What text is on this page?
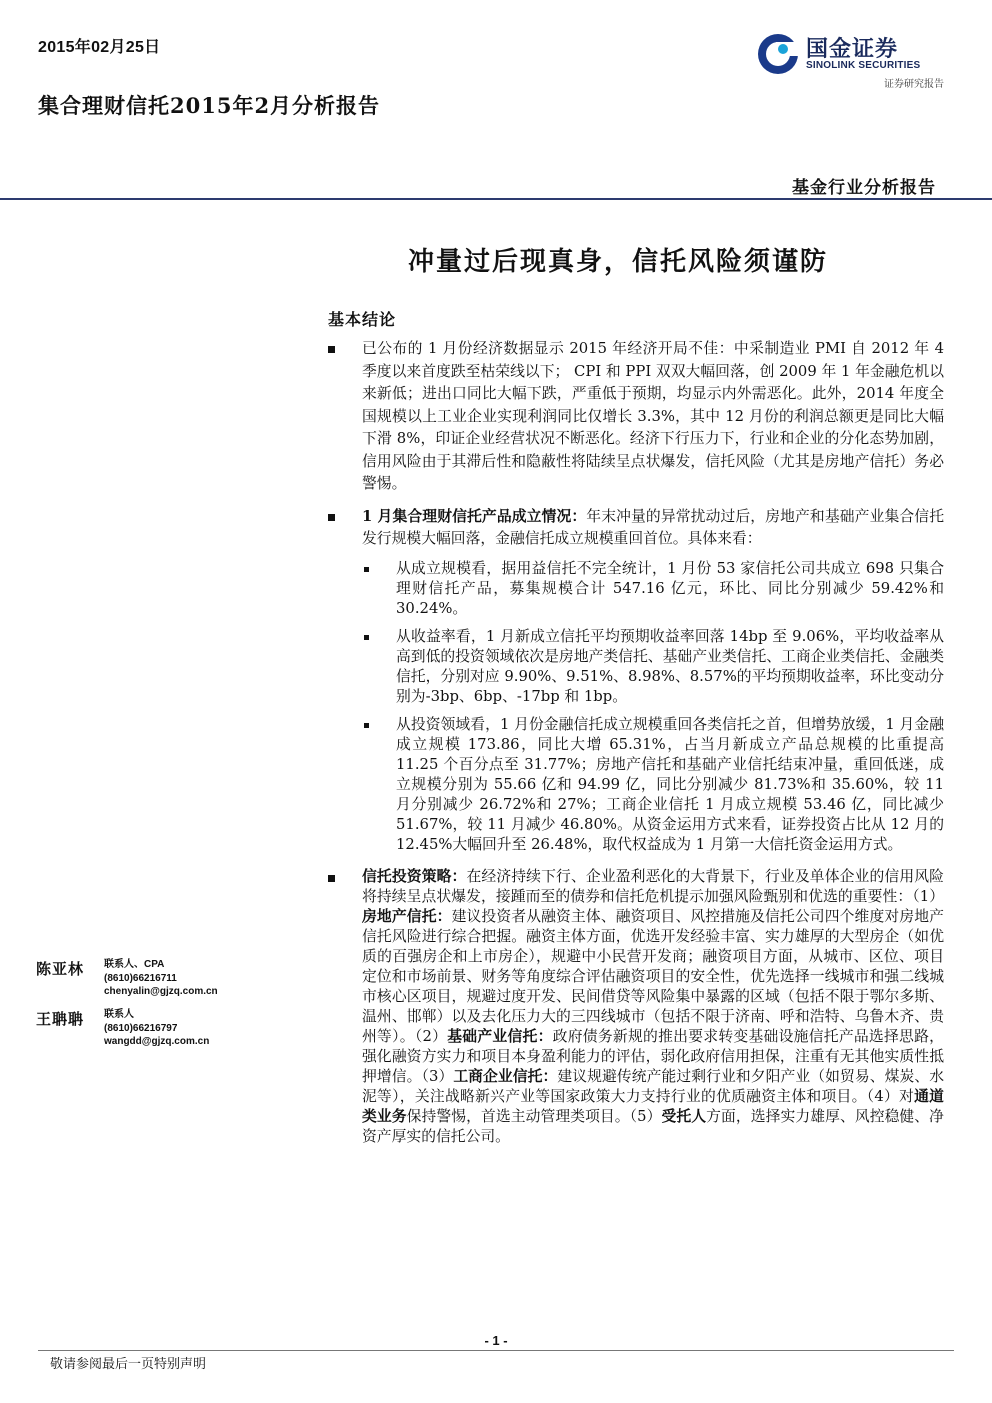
2015年02月25日
集合理财信托2015年2月分析报告
国金证券
SINOLINK SECURITIES
证券研究报告
基金行业分析报告
冲量过后现真身，信托风险须谨防
基本结论

已公布的 1 月份经济数据显示 2015 年经济开局不佳：中采制造业 PMI 自 2012 年 4 季度以来首度跌至枯荣线以下； CPI 和 PPI 双双大幅回落，创 2009 年 1 年金融危机以来新低；进出口同比大幅下跌，严重低于预期，均显示内外需恶化。此外，2014 年度全国规模以上工业企业实现利润同比仅增长 3.3%，其中 12 月份的利润总额更是同比大幅下滑 8%，印证企业经营状况不断恶化。经济下行压力下，行业和企业的分化态势加剧，信用风险由于其滞后性和隐蔽性将陆续呈点状爆发，信托风险（尤其是房地产信托）务必警惕。

1 月集合理财信托产品成立情况：年末冲量的异常扰动过后，房地产和基础产业集合信托发行规模大幅回落，金融信托成立规模重回首位。具体来看：

从成立规模看，据用益信托不完全统计，1 月份 53 家信托公司共成立 698 只集合理财信托产品，募集规模合计 547.16 亿元，环比、同比分别减少 59.42%和30.24%。

从收益率看，1 月新成立信托平均预期收益率回落 14bp 至 9.06%，平均收益率从高到低的投资领域依次是房地产类信托、基础产业类信托、工商企业类信托、金融类信托，分别对应 9.90%、9.51%、8.98%、8.57%的平均预期收益率，环比变动分别为-3bp、6bp、-17bp 和 1bp。

从投资领域看，1 月份金融信托成立规模重回各类信托之首，但增势放缓，1 月金融成立规模 173.86，同比大增 65.31%，占当月新成立产品总规模的比重提高 11.25 个百分点至 31.77%；房地产信托和基础产业信托结束冲量，重回低迷，成立规模分别为 55.66 亿和 94.99 亿，同比分别减少 81.73%和 35.60%，较 11 月分别减少 26.72%和 27%；工商企业信托 1 月成立规模 53.46 亿，同比减少 51.67%，较 11 月减少 46.80%。从资金运用方式来看，证券投资占比从 12 月的 12.45%大幅回升至 26.48%，取代权益成为 1 月第一大信托资金运用方式。

信托投资策略：在经济持续下行、企业盈利恶化的大背景下，行业及单体企业的信用风险将持续呈点状爆发，接踵而至的债券和信托危机提示加强风险甄别和优选的重要性：（1）房地产信托：建议投资者从融资主体、融资项目、风控措施及信托公司四个维度对房地产信托风险进行综合把握。融资主体方面，优选开发经验丰富、实力雄厚的大型房企（如优质的百强房企和上市房企），规避中小民营开发商；融资项目方面，从城市、区位、项目定位和市场前景、财务等角度综合评估融资项目的安全性，优先选择一线城市和强二线城市核心区项目，规避过度开发、民间借贷等风险集中暴露的区域（包括不限于鄂尔多斯、温州、邯郸）以及去化压力大的三四线城市（包括不限于济南、呼和浩特、乌鲁木齐、贵州等）。（2）基础产业信托：政府债务新规的推出要求转变基础设施信托产品选择思路，强化融资方实力和项目本身盈利能力的评估，弱化政府信用担保，注重有无其他实质性抵押增信。（3）工商企业信托：建议规避传统产能过剩行业和夕阳产业（如贸易、煤炭、水泥等），关注战略新兴产业等国家政策大力支持行业的优质融资主体和项目。（4）对通道类业务保持警惕，首选主动管理类项目。（5）受托人方面，选择实力雄厚、风控稳健、净资产厚实的信托公司。

陈亚林	联系人、CPA
(8610)66216711
chenyalin@gjzq.com.cn
王聃聃	联系人
(8610)66216797
wangdd@gjzq.com.cn
- 1 -
敬请参阅最后一页特别声明
